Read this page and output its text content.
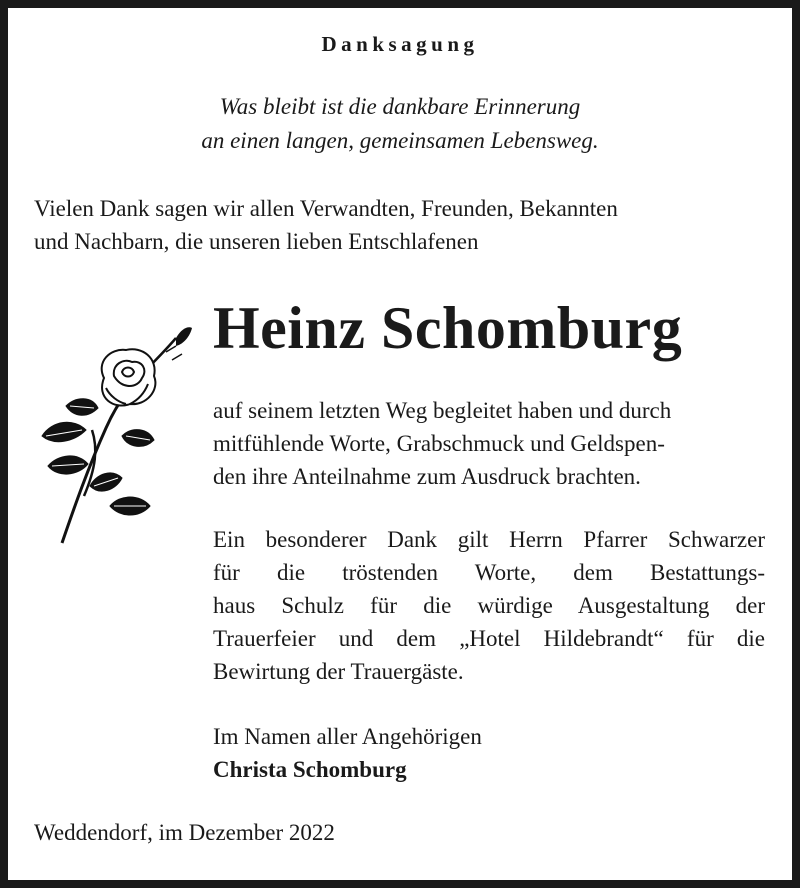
Danksagung
Was bleibt ist die dankbare Erinnerung
an einen langen, gemeinsamen Lebensweg.
Vielen Dank sagen wir allen Verwandten, Freunden, Bekannten
und Nachbarn, die unseren lieben Entschlafenen
Heinz Schomburg
auf seinem letzten Weg begleitet haben und durch
mitfühlende Worte, Grabschmuck und Geldspen-
den ihre Anteilnahme zum Ausdruck brachten.
Ein besonderer Dank gilt Herrn Pfarrer Schwarzer
für die tröstenden Worte, dem Bestattungs-
haus Schulz für die würdige Ausgestaltung der
Trauerfeier und dem „Hotel Hildebrandt“ für die
Bewirtung der Trauergäste.
Im Namen aller Angehörigen
Christa Schomburg
Weddendorf, im Dezember 2022
